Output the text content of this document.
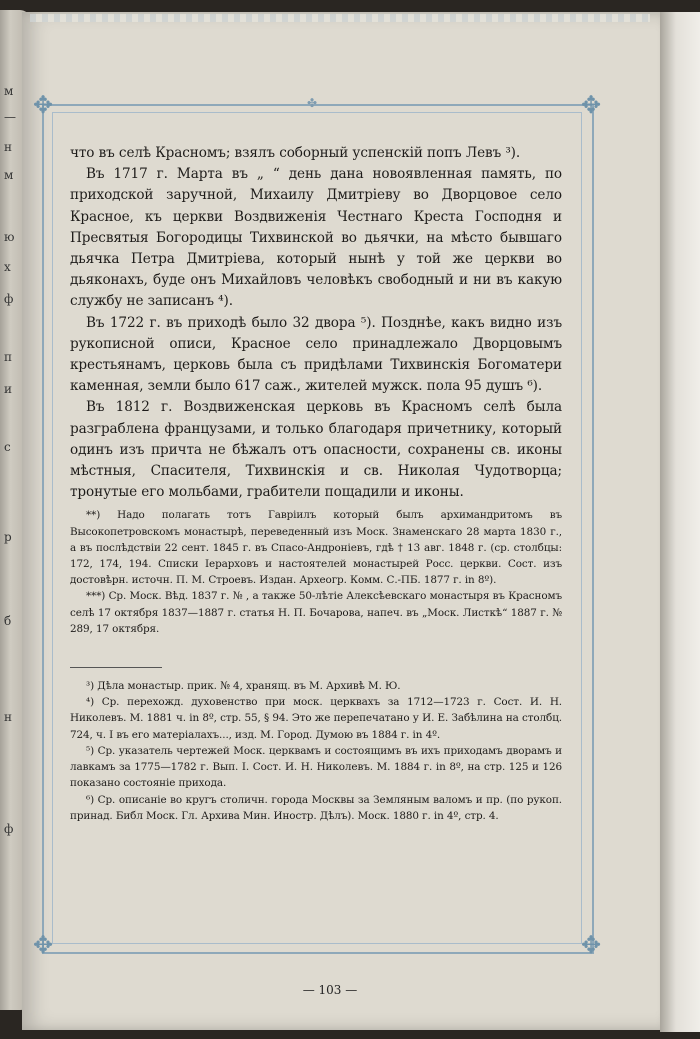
м
—
н
м
ю
х
ф
п
и
с
р
б
н
ф
✤
✥	✥
✥	✥

что въ селѣ Красномъ; взялъ соборный успенскій попъ Левъ ³).

Въ 1717 г. Марта въ „ “ день дана новоявленная память, по приходской заручной, Михаилу Дмитріеву во Дворцовое село Красное, къ церкви Воздвиженія Честнаго Креста Господня и Пресвятыя Богородицы Тихвинской во дьячки, на мѣсто бывшаго дьячка Петра Дмитріева, который нынѣ у той же церкви во дьяконахъ, буде онъ Михайловъ человѣкъ свободный и ни въ какую службу не записанъ ⁴).

Въ 1722 г. въ приходѣ было 32 двора ⁵). Позднѣе, какъ видно изъ рукописной описи, Красное село принадлежало Дворцовымъ крестьянамъ, церковь была съ придѣлами Тихвинскія Богоматери каменная, земли было 617 саж., жителей мужск. пола 95 душъ ⁶).

Въ 1812 г. Воздвиженская церковь въ Красномъ селѣ была разграблена французами, и только благодаря причетнику, который одинъ изъ причта не бѣжалъ отъ опасности, сохранены св. иконы мѣстныя, Спасителя, Тихвинскія и св. Николая Чудотворца; тронутые его мольбами, грабители пощадили и иконы.

**) Надо полагать тотъ Гавріилъ который былъ архимандритомъ въ Высокопетровскомъ монастырѣ, переведенный изъ Моск. Знаменскаго 28 марта 1830 г., а въ послѣдствіи 22 сент. 1845 г. въ Спасо-Андроніевъ, гдѣ † 13 авг. 1848 г. (ср. столбцы: 172, 174, 194. Списки Іерарховъ и настоятелей монастырей Росс. церкви. Сост. изъ достовѣрн. источн. П. М. Строевъ. Издан. Археогр. Комм. С.-ПБ. 1877 г. in 8º).

***) Ср. Моск. Вѣд. 1837 г. № , а также 50-лѣтіе Алексѣевскаго монастыря въ Красномъ селѣ 17 октября 1837—1887 г. статья Н. П. Бочарова, напеч. въ „Моск. Листкѣ“ 1887 г. № 289, 17 октября.

³) Дѣла монастыр. прик. № 4, хранящ. въ М. Архивѣ М. Ю.

⁴) Ср. перехожд. духовенство при моск. церквахъ за 1712—1723 г. Сост. И. Н. Николевъ. М. 1881 ч. in 8º, стр. 55, § 94. Это же перепечатано у И. Е. Забѣлина на столбц. 724, ч. I въ его матеріалахъ..., изд. М. Город. Думою въ 1884 г. in 4º.

⁵) Ср. указатель чертежей Моск. церквамъ и состоящимъ въ ихъ приходамъ дворамъ и лавкамъ за 1775—1782 г. Вып. I. Сост. И. Н. Николевъ. М. 1884 г. in 8º, на стр. 125 и 126 показано состояніе прихода.

⁶) Ср. описаніе во кругъ столичн. города Москвы за Земляным валомъ и пр. (по рукоп. принад. Библ Моск. Гл. Архива Мин. Иностр. Дѣлъ). Моск. 1880 г. in 4º, стр. 4.

— 103 —
